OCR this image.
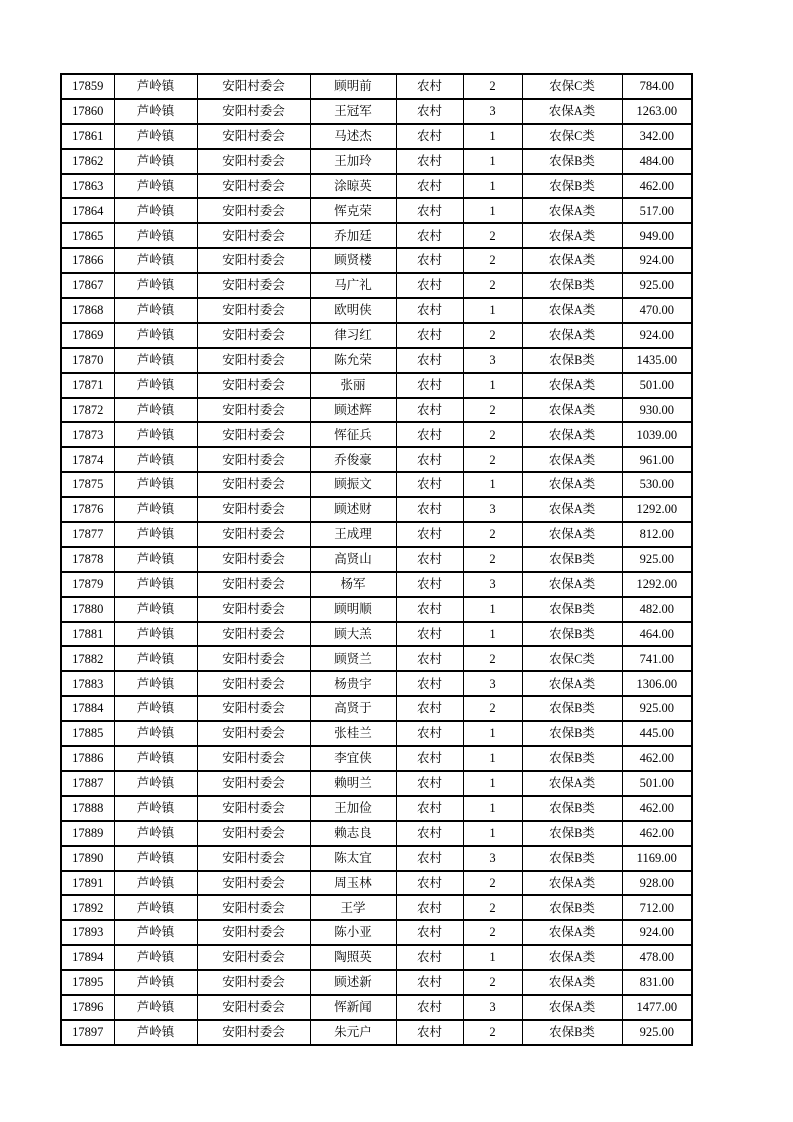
17859	芦岭镇	安阳村委会	顾明前	农村	2	农保C类	784.00
17860	芦岭镇	安阳村委会	王冠军	农村	3	农保A类	1263.00
17861	芦岭镇	安阳村委会	马述杰	农村	1	农保C类	342.00
17862	芦岭镇	安阳村委会	王加玲	农村	1	农保B类	484.00
17863	芦岭镇	安阳村委会	涂晾英	农村	1	农保B类	462.00
17864	芦岭镇	安阳村委会	恽克荣	农村	1	农保A类	517.00
17865	芦岭镇	安阳村委会	乔加廷	农村	2	农保A类	949.00
17866	芦岭镇	安阳村委会	顾贤楼	农村	2	农保A类	924.00
17867	芦岭镇	安阳村委会	马广礼	农村	2	农保B类	925.00
17868	芦岭镇	安阳村委会	欧明侠	农村	1	农保A类	470.00
17869	芦岭镇	安阳村委会	律习红	农村	2	农保A类	924.00
17870	芦岭镇	安阳村委会	陈允荣	农村	3	农保B类	1435.00
17871	芦岭镇	安阳村委会	张丽	农村	1	农保A类	501.00
17872	芦岭镇	安阳村委会	顾述辉	农村	2	农保A类	930.00
17873	芦岭镇	安阳村委会	恽征兵	农村	2	农保A类	1039.00
17874	芦岭镇	安阳村委会	乔俊豪	农村	2	农保A类	961.00
17875	芦岭镇	安阳村委会	顾振文	农村	1	农保A类	530.00
17876	芦岭镇	安阳村委会	顾述财	农村	3	农保A类	1292.00
17877	芦岭镇	安阳村委会	王成理	农村	2	农保A类	812.00
17878	芦岭镇	安阳村委会	高贤山	农村	2	农保B类	925.00
17879	芦岭镇	安阳村委会	杨军	农村	3	农保A类	1292.00
17880	芦岭镇	安阳村委会	顾明顺	农村	1	农保B类	482.00
17881	芦岭镇	安阳村委会	顾大羔	农村	1	农保B类	464.00
17882	芦岭镇	安阳村委会	顾贤兰	农村	2	农保C类	741.00
17883	芦岭镇	安阳村委会	杨贵宇	农村	3	农保A类	1306.00
17884	芦岭镇	安阳村委会	高贤于	农村	2	农保B类	925.00
17885	芦岭镇	安阳村委会	张桂兰	农村	1	农保B类	445.00
17886	芦岭镇	安阳村委会	李宜侠	农村	1	农保B类	462.00
17887	芦岭镇	安阳村委会	赖明兰	农村	1	农保A类	501.00
17888	芦岭镇	安阳村委会	王加俭	农村	1	农保B类	462.00
17889	芦岭镇	安阳村委会	赖志良	农村	1	农保B类	462.00
17890	芦岭镇	安阳村委会	陈太宜	农村	3	农保B类	1169.00
17891	芦岭镇	安阳村委会	周玉林	农村	2	农保A类	928.00
17892	芦岭镇	安阳村委会	王学	农村	2	农保B类	712.00
17893	芦岭镇	安阳村委会	陈小亚	农村	2	农保A类	924.00
17894	芦岭镇	安阳村委会	陶照英	农村	1	农保A类	478.00
17895	芦岭镇	安阳村委会	顾述新	农村	2	农保A类	831.00
17896	芦岭镇	安阳村委会	恽新闻	农村	3	农保A类	1477.00
17897	芦岭镇	安阳村委会	朱元户	农村	2	农保B类	925.00
